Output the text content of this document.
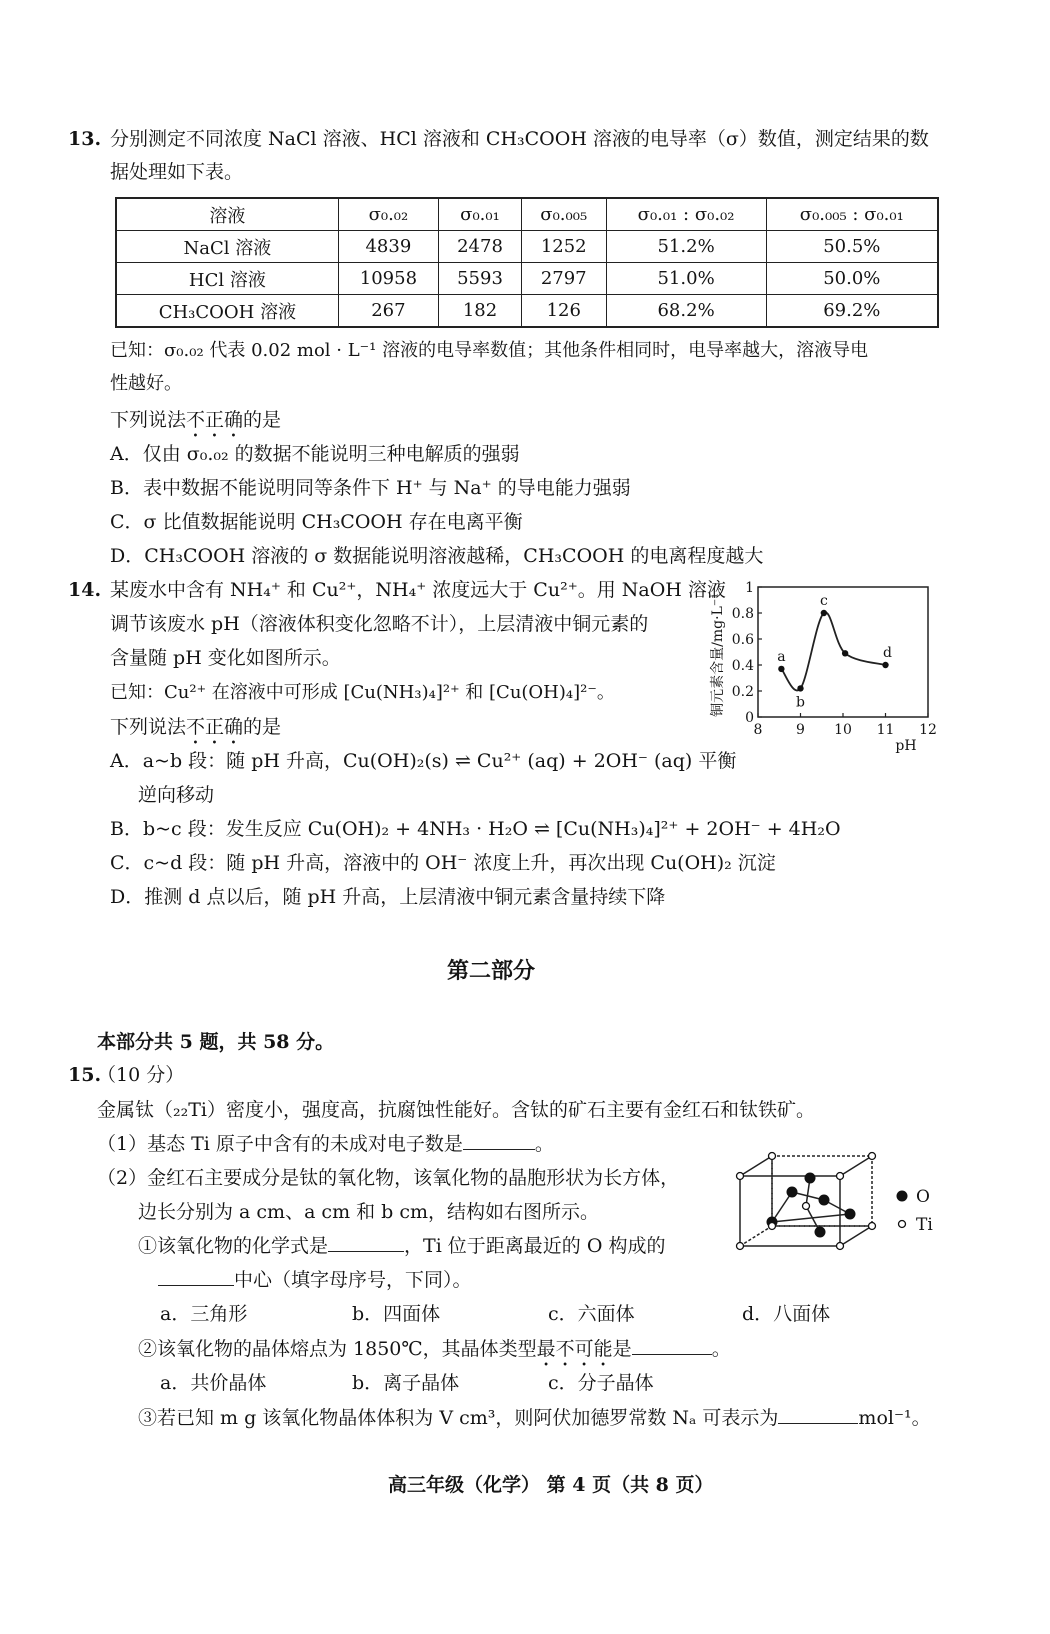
13. 分别测定不同浓度 NaCl 溶液、HCl 溶液和 CH₃COOH 溶液的电导率（σ）数值，测定结果的数
据处理如下表。
溶液	σ₀.₀₂	σ₀.₀₁	σ₀.₀₀₅	σ₀.₀₁ : σ₀.₀₂	σ₀.₀₀₅ : σ₀.₀₁
NaCl 溶液	4839	2478	1252	51.2%	50.5%
HCl 溶液	10958	5593	2797	51.0%	50.0%
CH₃COOH 溶液	267	182	126	68.2%	69.2%
已知：σ₀.₀₂ 代表 0.02 mol · L⁻¹ 溶液的电导率数值；其他条件相同时，电导率越大，溶液导电
性越好。
下列说法不正确的是
A．仅由 σ₀.₀₂ 的数据不能说明三种电解质的强弱
B．表中数据不能说明同等条件下 H⁺ 与 Na⁺ 的导电能力强弱
C．σ 比值数据能说明 CH₃COOH 存在电离平衡
D．CH₃COOH 溶液的 σ 数据能说明溶液越稀，CH₃COOH 的电离程度越大
14. 某废水中含有 NH₄⁺ 和 Cu²⁺，NH₄⁺ 浓度远大于 Cu²⁺。用 NaOH 溶液
调节该废水 pH（溶液体积变化忽略不计），上层清液中铜元素的
含量随 pH 变化如图所示。
已知：Cu²⁺ 在溶液中可形成 [Cu(NH₃)₄]²⁺ 和 [Cu(OH)₄]²⁻。
下列说法不正确的是
A．a~b 段：随 pH 升高，Cu(OH)₂(s) ⇌ Cu²⁺ (aq) + 2OH⁻ (aq) 平衡
逆向移动
B．b~c 段：发生反应 Cu(OH)₂ + 4NH₃ · H₂O ⇌ [Cu(NH₃)₄]²⁺ + 2OH⁻ + 4H₂O
C．c~d 段：随 pH 升高，溶液中的 OH⁻ 浓度上升，再次出现 Cu(OH)₂ 沉淀
D．推测 d 点以后，随 pH 升高，上层清液中铜元素含量持续下降
铜元素含量/mg·L⁻¹
pH
8 9 10 11 12
0
0.2
0.4
0.6
0.8
1
a
b
c
d
第二部分
本部分共 5 题，共 58 分。
15.
（10 分）
金属钛（₂₂Ti）密度小，强度高，抗腐蚀性能好。含钛的矿石主要有金红石和钛铁矿。
（1）基态 Ti 原子中含有的未成对电子数是	。
（2）金红石主要成分是钛的氧化物，该氧化物的晶胞形状为长方体，
边长分别为 a cm、a cm 和 b cm，结构如右图所示。
①该氧化物的化学式是	，Ti 位于距离最近的 O 构成的
中心（填字母序号，下同）。
a．三角形	b．四面体	c．六面体	d．八面体
②该氧化物的晶体熔点为 1850℃，其晶体类型最不可能是	。
a．共价晶体	b．离子晶体	c．分子晶体
③若已知 m g 该氧化物晶体体积为 V cm³，则阿伏加德罗常数 Nₐ 可表示为	mol⁻¹。
O
Ti
高三年级（化学） 第 4 页（共 8 页）
